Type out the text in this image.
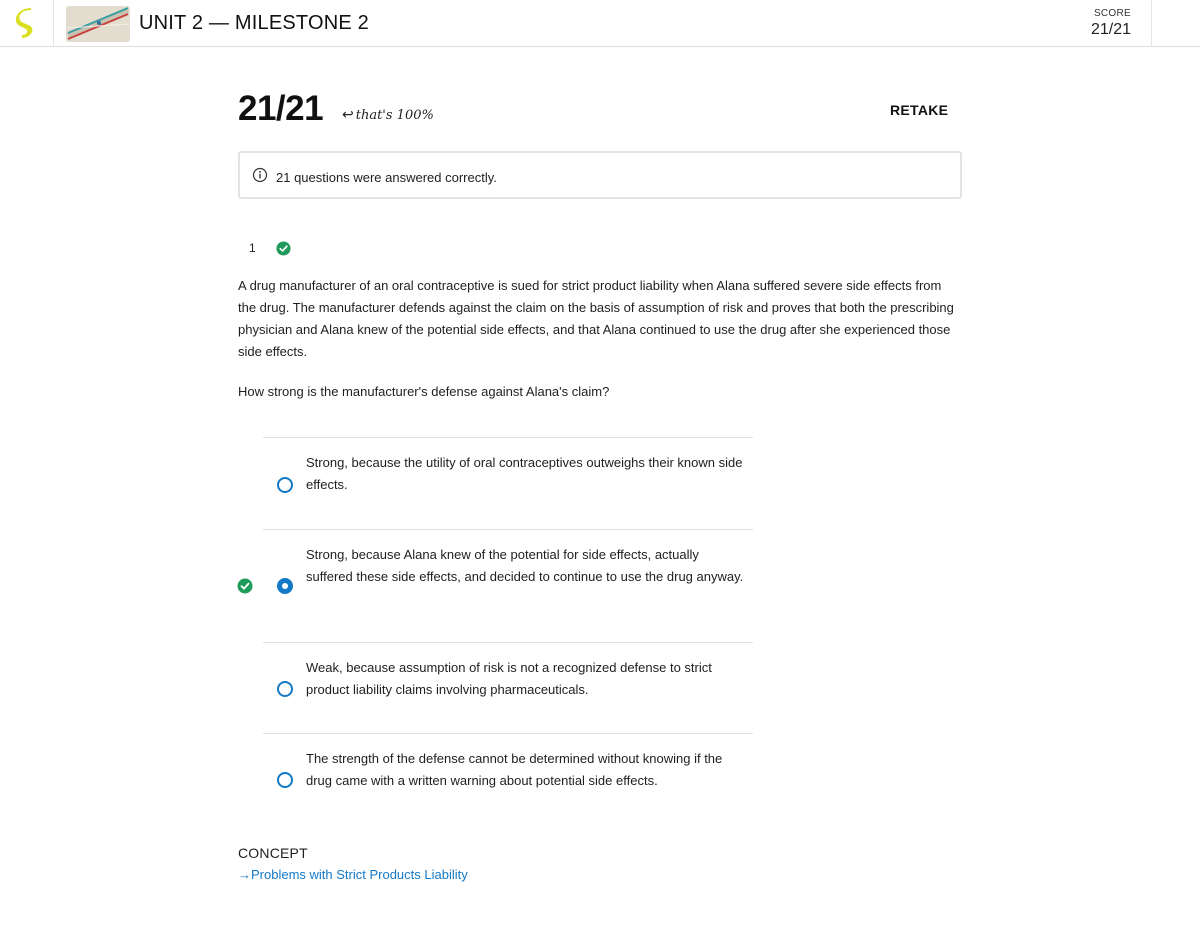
UNIT 2 — MILESTONE 2	SCORE
21/21
21/21 ↩ that's 100%	RETAKE
21 questions were answered correctly.
1

A drug manufacturer of an oral contraceptive is sued for strict product liability when Alana suffered severe side effects from the drug. The manufacturer defends against the claim on the basis of assumption of risk and proves that both the prescribing physician and Alana knew of the potential side effects, and that Alana continued to use the drug after she experienced those side effects.

How strong is the manufacturer's defense against Alana's claim?
Strong, because the utility of oral contraceptives outweighs their known side effects.
Strong, because Alana knew of the potential for side effects, actually suffered these side effects, and decided to continue to use the drug anyway.
Weak, because assumption of risk is not a recognized defense to strict product liability claims involving pharmaceuticals.
The strength of the defense cannot be determined without knowing if the drug came with a written warning about potential side effects.
CONCEPT
→Problems with Strict Products Liability
